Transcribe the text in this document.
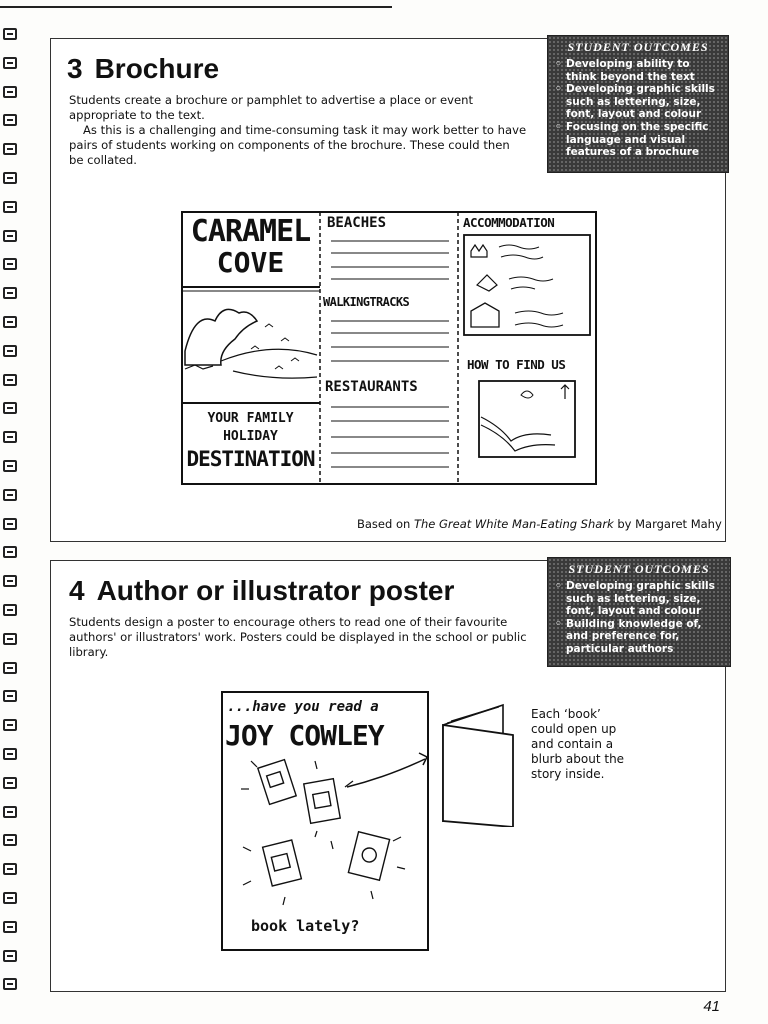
3 Brochure

Students create a brochure or pamphlet to advertise a place or event appropriate to the text.

As this is a challenging and time-consuming task it may work better to have pairs of students working on components of the brochure. These could then be collated.

STUDENT OUTCOMES
◦ Developing ability to think beyond the text
◦ Developing graphic skills such as lettering, size, font, layout and colour
◦ Focusing on the specific language and visual features of a brochure
CARAMEL
COVE
YOUR FAMILY
HOLIDAY
DESTINATION
BEACHES
WALKINGTRACKS
RESTAURANTS
ACCOMMODATION
HOW TO FIND US
Based on The Great White Man-Eating Shark by Margaret Mahy
4 Author or illustrator poster

Students design a poster to encourage others to read one of their favourite authors' or illustrators' work. Posters could be displayed in the school or public library.

STUDENT OUTCOMES
◦ Developing graphic skills such as lettering, size, font, layout and colour
◦ Building knowledge of, and preference for, particular authors
...have you read a
JOY COWLEY
book lately?
Each ‘book’
could open up
and contain a
blurb about the
story inside.
41
